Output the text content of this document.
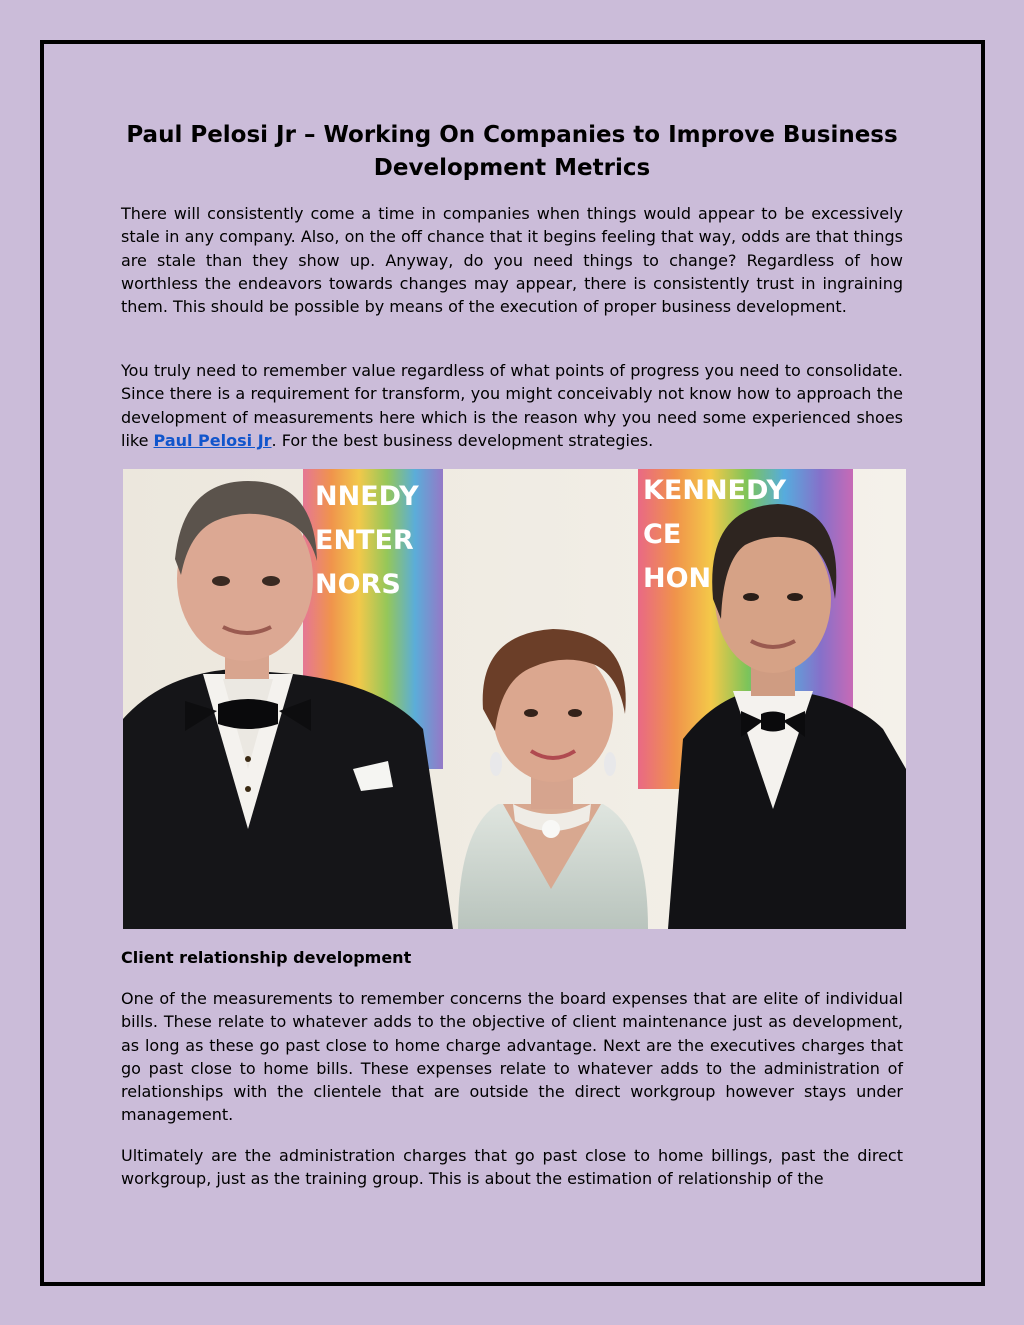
Paul Pelosi Jr – Working On Companies to Improve Business Development Metrics

There will consistently come a time in companies when things would appear to be excessively stale in any company. Also, on the off chance that it begins feeling that way, odds are that things are stale than they show up. Anyway, do you need things to change? Regardless of how worthless the endeavors towards changes may appear, there is consistently trust in ingraining them. This should be possible by means of the execution of proper business development.

You truly need to remember value regardless of what points of progress you need to consolidate. Since there is a requirement for transform, you might conceivably not know how to approach the development of measurements here which is the reason why you need some experienced shoes like Paul Pelosi Jr. For the best business development strategies.

NNEDY
ENTER
NORS
KENNEDY
CE
HON
Client relationship development

One of the measurements to remember concerns the board expenses that are elite of individual bills. These relate to whatever adds to the objective of client maintenance just as development, as long as these go past close to home charge advantage. Next are the executives charges that go past close to home bills. These expenses relate to whatever adds to the administration of relationships with the clientele that are outside the direct workgroup however stays under management.

Ultimately are the administration charges that go past close to home billings, past the direct workgroup, just as the training group. This is about the estimation of relationship of the
